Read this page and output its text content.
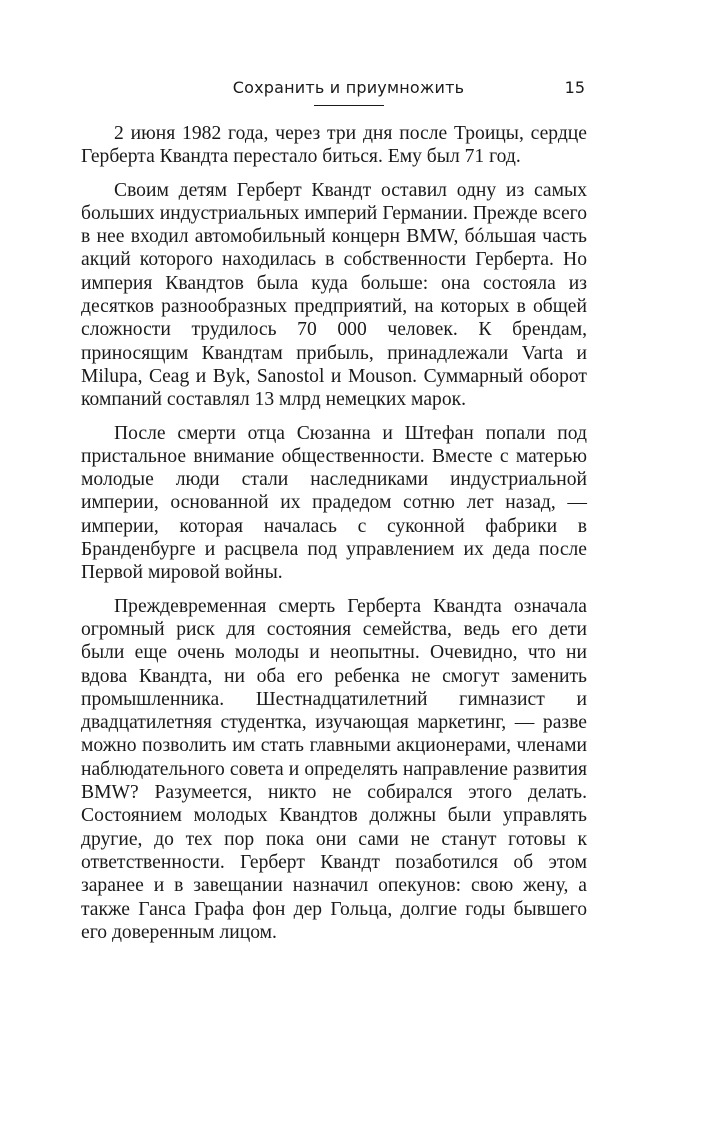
Сохранить и приумножить	15

2 июня 1982 года, через три дня после Троицы, сердце Герберта Квандта перестало биться. Ему был 71 год.

Своим детям Герберт Квандт оставил одну из самых больших индустриальных империй Германии. Прежде всего в нее входил автомобильный концерн BMW, бóльшая часть акций которого находилась в собственности Герберта. Но империя Квандтов была куда больше: она состояла из десятков разнообразных предприятий, на которых в общей сложности трудилось 70 000 человек. К брендам, приносящим Квандтам прибыль, принадлежали Varta и Milupa, Ceag и Byk, Sanostol и Mouson. Суммарный оборот компаний составлял 13 млрд немецких марок.

После смерти отца Сюзанна и Штефан попали под пристальное внимание общественности. Вместе с матерью молодые люди стали наследниками индустриальной империи, основанной их прадедом сотню лет назад, — империи, которая началась с суконной фабрики в Бранденбурге и расцвела под управлением их деда после Первой мировой войны.

Преждевременная смерть Герберта Квандта означала огромный риск для состояния семейства, ведь его дети были еще очень молоды и неопытны. Очевидно, что ни вдова Квандта, ни оба его ребенка не смогут заменить промышленника. Шестнадцатилетний гимназист и двадцатилетняя студентка, изучающая маркетинг, — разве можно позволить им стать главными акционерами, членами наблюдательного совета и определять направление развития BMW? Разумеется, никто не собирался этого делать. Состоянием молодых Квандтов должны были управлять другие, до тех пор пока они сами не станут готовы к ответственности. Герберт Квандт позаботился об этом заранее и в завещании назначил опекунов: свою жену, а также Ганса Графа фон дер Гольца, долгие годы бывшего его доверенным лицом.
